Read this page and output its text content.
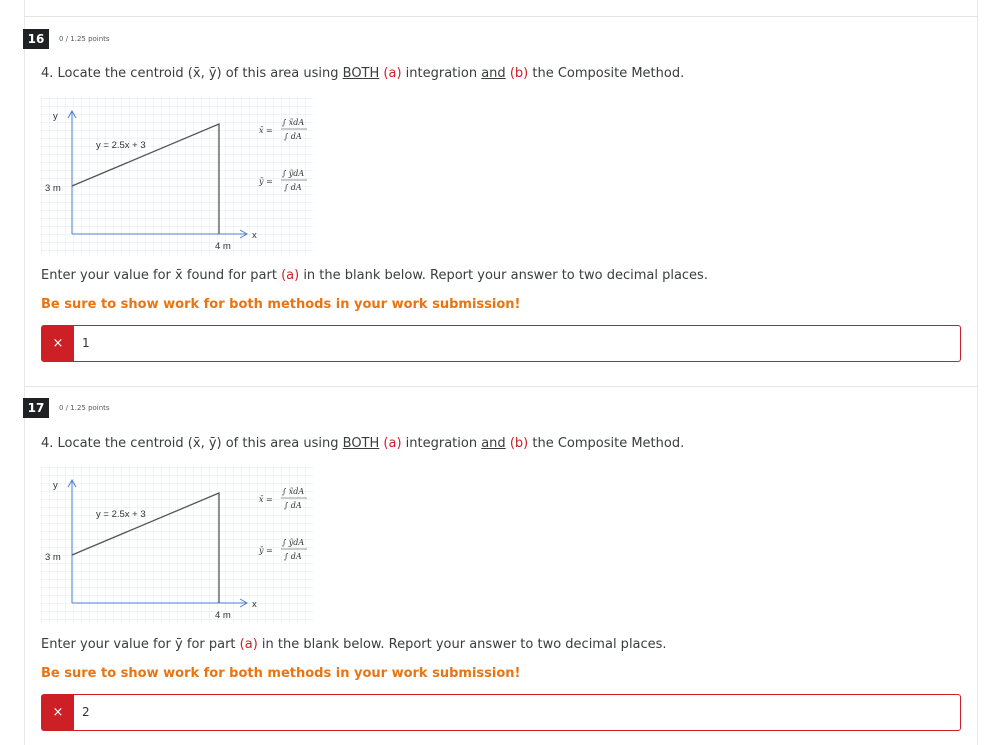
16	0 / 1.25 points
4. Locate the centroid (x̄, ȳ) of this area using BOTH (a) integration and (b) the Composite Method.
y
x
y = 2.5x + 3
3 m
4 m
x̄ =
∫ x̃dA
∫ dA
ȳ =
∫ ỹdA
∫ dA
Enter your value for x̄ found for part (a) in the blank below. Report your answer to two decimal places.
Be sure to show work for both methods in your work submission!
×	1
17	0 / 1.25 points
4. Locate the centroid (x̄, ȳ) of this area using BOTH (a) integration and (b) the Composite Method.
y
x
y = 2.5x + 3
3 m
4 m
x̄ =
∫ x̃dA
∫ dA
ȳ =
∫ ỹdA
∫ dA
Enter your value for ȳ for part (a) in the blank below. Report your answer to two decimal places.
Be sure to show work for both methods in your work submission!
×	2
